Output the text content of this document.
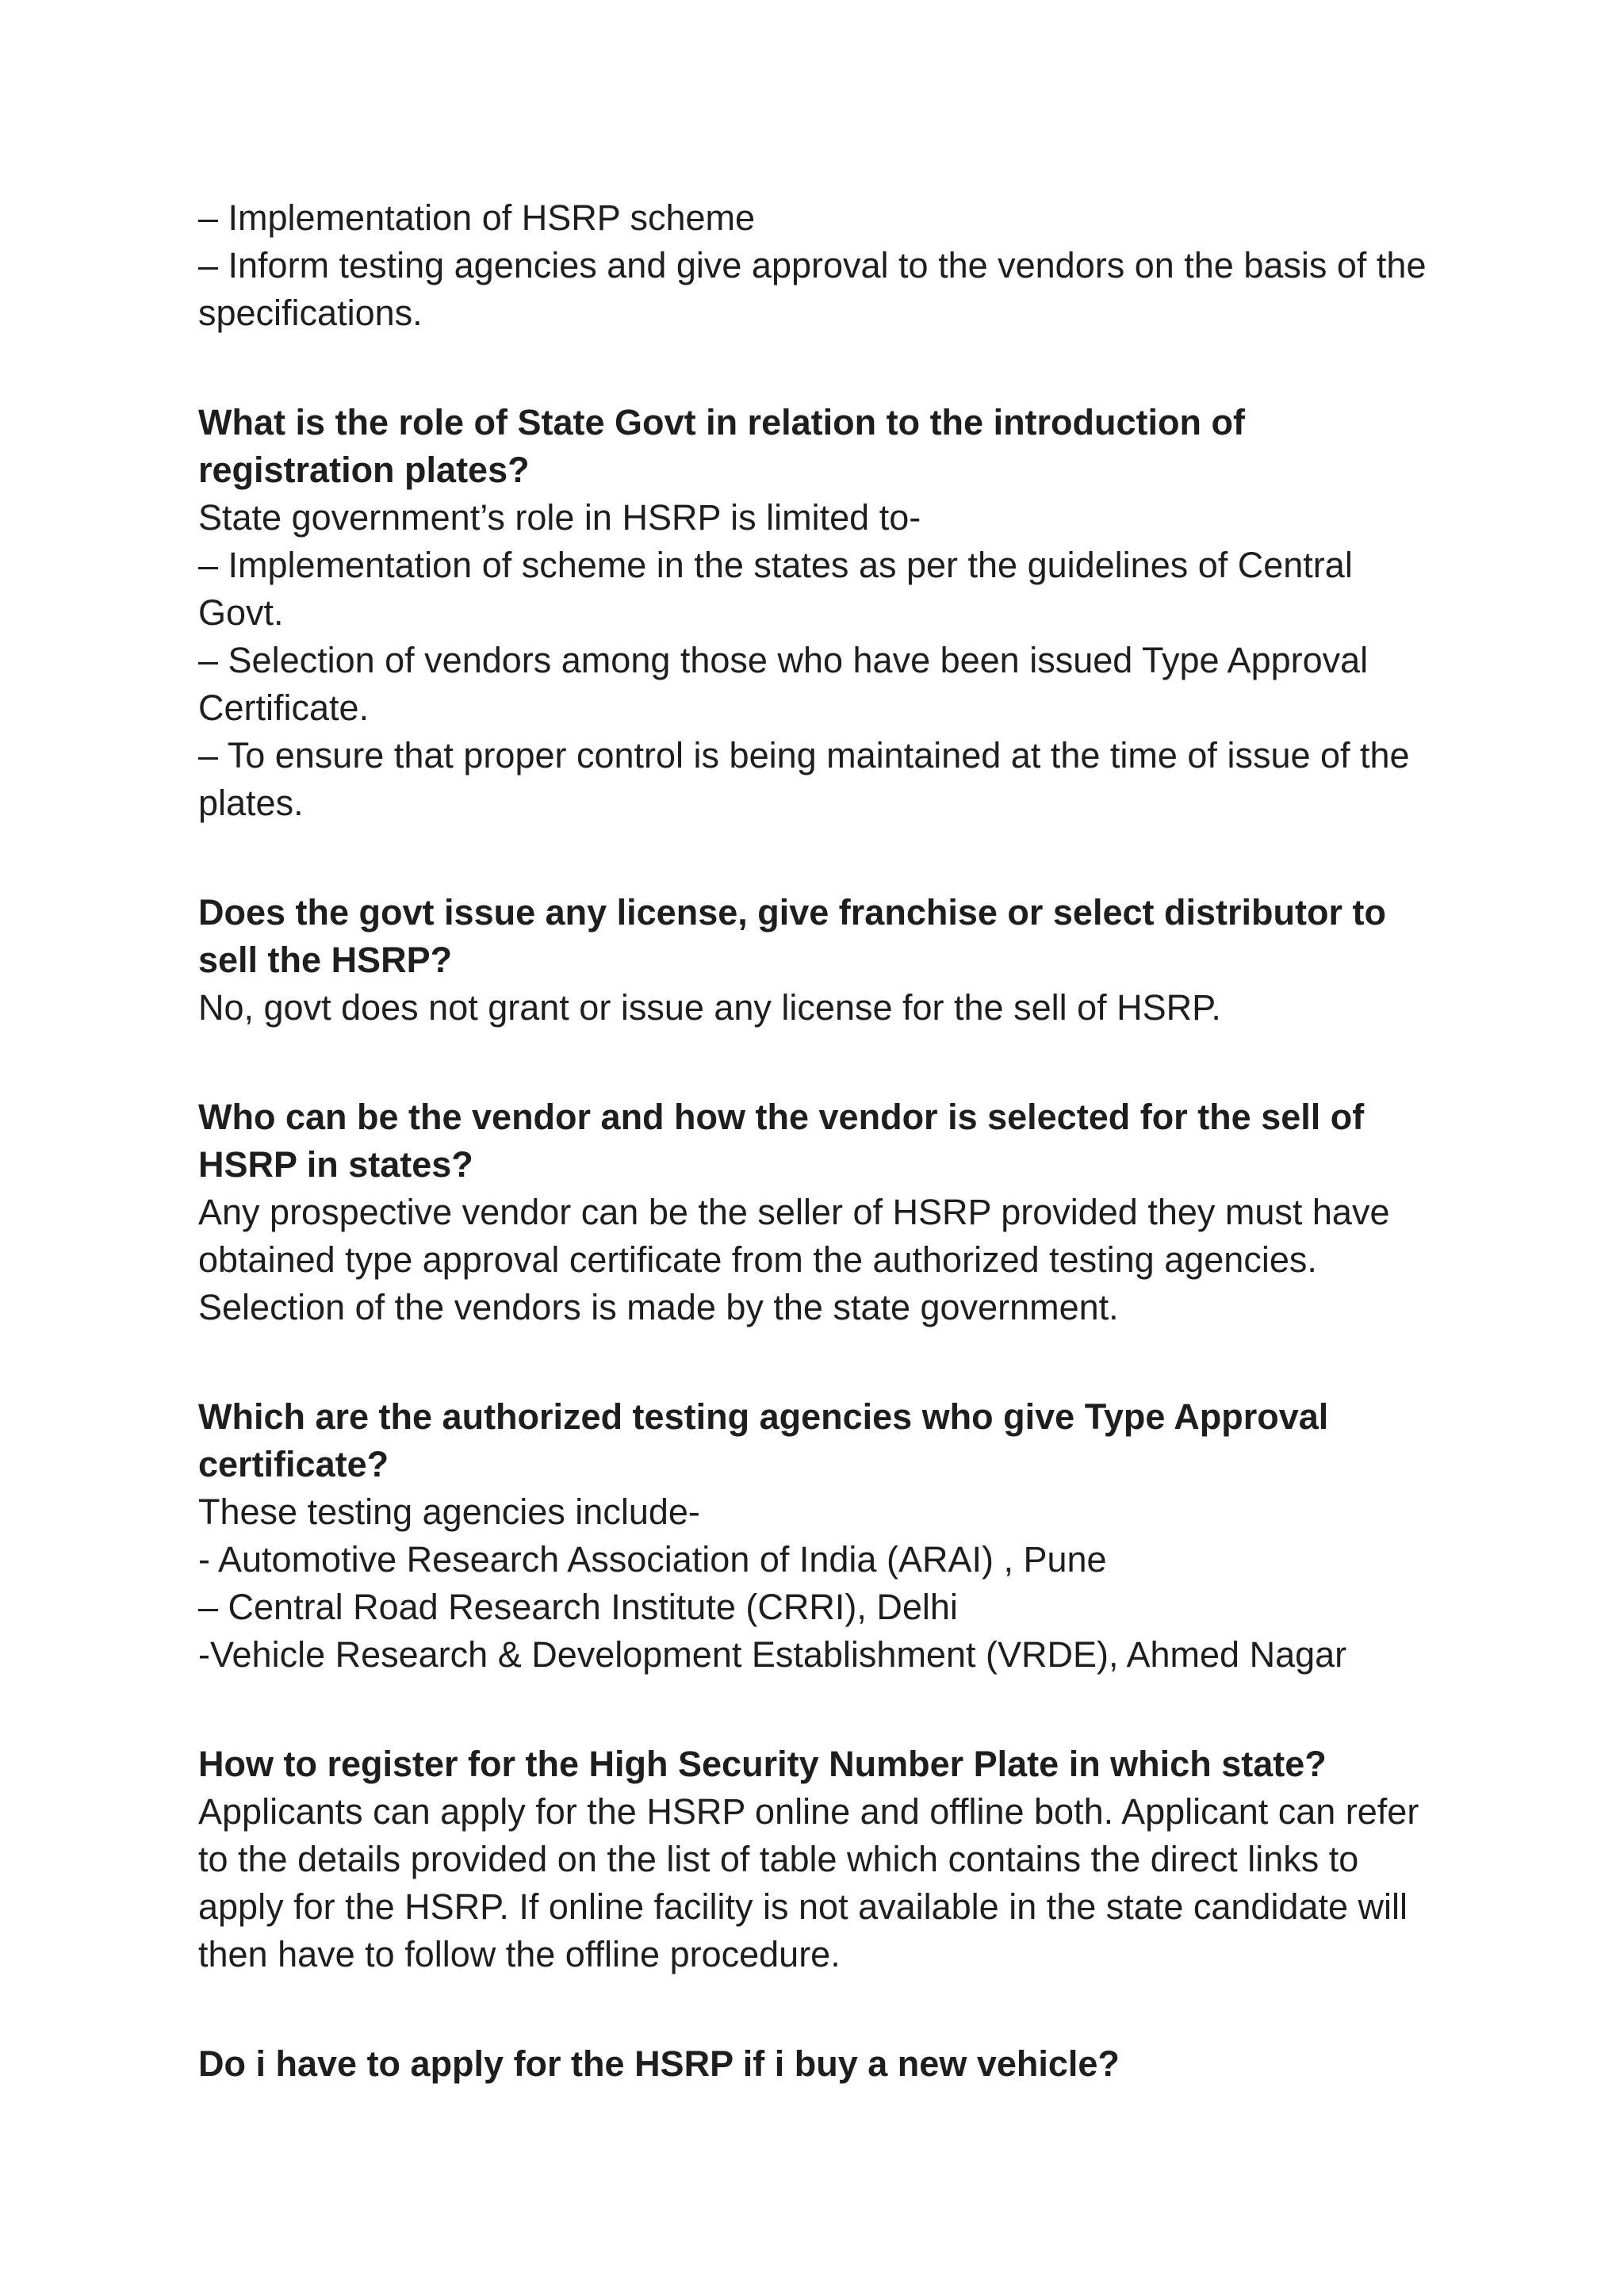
– Implementation of HSRP scheme
– Inform testing agencies and give approval to the vendors on the basis of the
specifications.
What is the role of State Govt in relation to the introduction of
registration plates?
State government’s role in HSRP is limited to-
– Implementation of scheme in the states as per the guidelines of Central
Govt.
– Selection of vendors among those who have been issued Type Approval
Certificate.
– To ensure that proper control is being maintained at the time of issue of the
plates.
Does the govt issue any license, give franchise or select distributor to
sell the HSRP?
No, govt does not grant or issue any license for the sell of HSRP.
Who can be the vendor and how the vendor is selected for the sell of
HSRP in states?
Any prospective vendor can be the seller of HSRP provided they must have
obtained type approval certificate from the authorized testing agencies.
Selection of the vendors is made by the state government.
Which are the authorized testing agencies who give Type Approval
certificate?
These testing agencies include-
- Automotive Research Association of India (ARAI) , Pune
– Central Road Research Institute (CRRI), Delhi
-Vehicle Research & Development Establishment (VRDE), Ahmed Nagar
How to register for the High Security Number Plate in which state?
Applicants can apply for the HSRP online and offline both. Applicant can refer
to the details provided on the list of table which contains the direct links to
apply for the HSRP. If online facility is not available in the state candidate will
then have to follow the offline procedure.
Do i have to apply for the HSRP if i buy a new vehicle?
